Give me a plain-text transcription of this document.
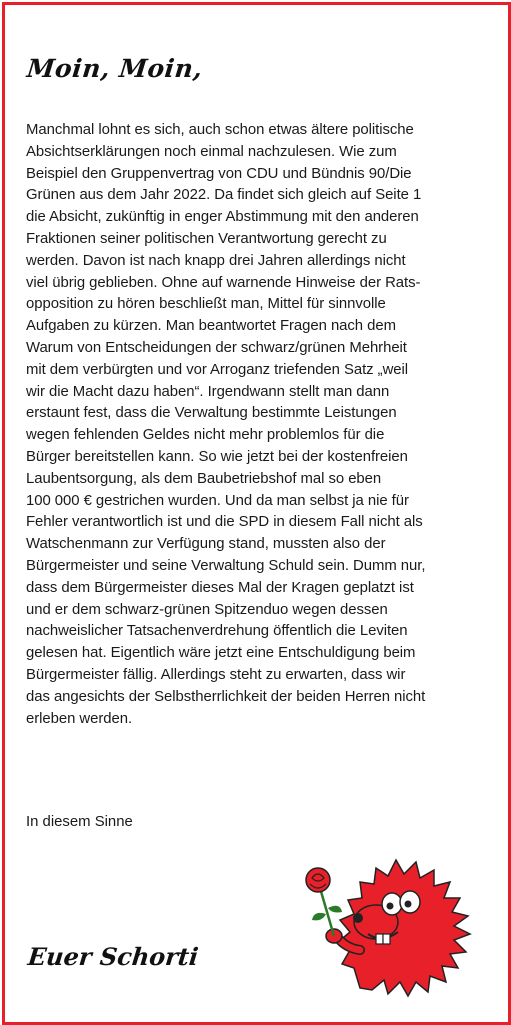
Moin, Moin,
Manchmal lohnt es sich, auch schon etwas ältere politische
Absichtserklärungen noch einmal nachzulesen. Wie zum
Beispiel den Gruppenvertrag von CDU und Bündnis 90/Die
Grünen aus dem Jahr 2022. Da findet sich gleich auf Seite 1
die Absicht, zukünftig in enger Abstimmung mit den anderen
Fraktionen seiner politischen Verantwortung gerecht zu
werden. Davon ist nach knapp drei Jahren allerdings nicht
viel übrig geblieben. Ohne auf warnende Hinweise der Rats-
opposition zu hören beschließt man, Mittel für sinnvolle
Aufgaben zu kürzen. Man beantwortet Fragen nach dem
Warum von Entscheidungen der schwarz/grünen Mehrheit
mit dem verbürgten und vor Arroganz triefenden Satz „weil
wir die Macht dazu haben“. Irgendwann stellt man dann
erstaunt fest, dass die Verwaltung bestimmte Leistungen
wegen fehlenden Geldes nicht mehr problemlos für die
Bürger bereitstellen kann. So wie jetzt bei der kostenfreien
Laubentsorgung, als dem Baubetriebshof mal so eben
100 000 € gestrichen wurden. Und da man selbst ja nie für
Fehler verantwortlich ist und die SPD in diesem Fall nicht als
Watschenmann zur Verfügung stand, mussten also der
Bürgermeister und seine Verwaltung Schuld sein. Dumm nur,
dass dem Bürgermeister dieses Mal der Kragen geplatzt ist
und er dem schwarz-grünen Spitzenduo wegen dessen
nachweislicher Tatsachenverdrehung öffentlich die Leviten
gelesen hat. Eigentlich wäre jetzt eine Entschuldigung beim
Bürgermeister fällig. Allerdings steht zu erwarten, dass wir
das angesichts der Selbstherrlichkeit der beiden Herren nicht
erleben werden.
In diesem Sinne
Euer Schorti
